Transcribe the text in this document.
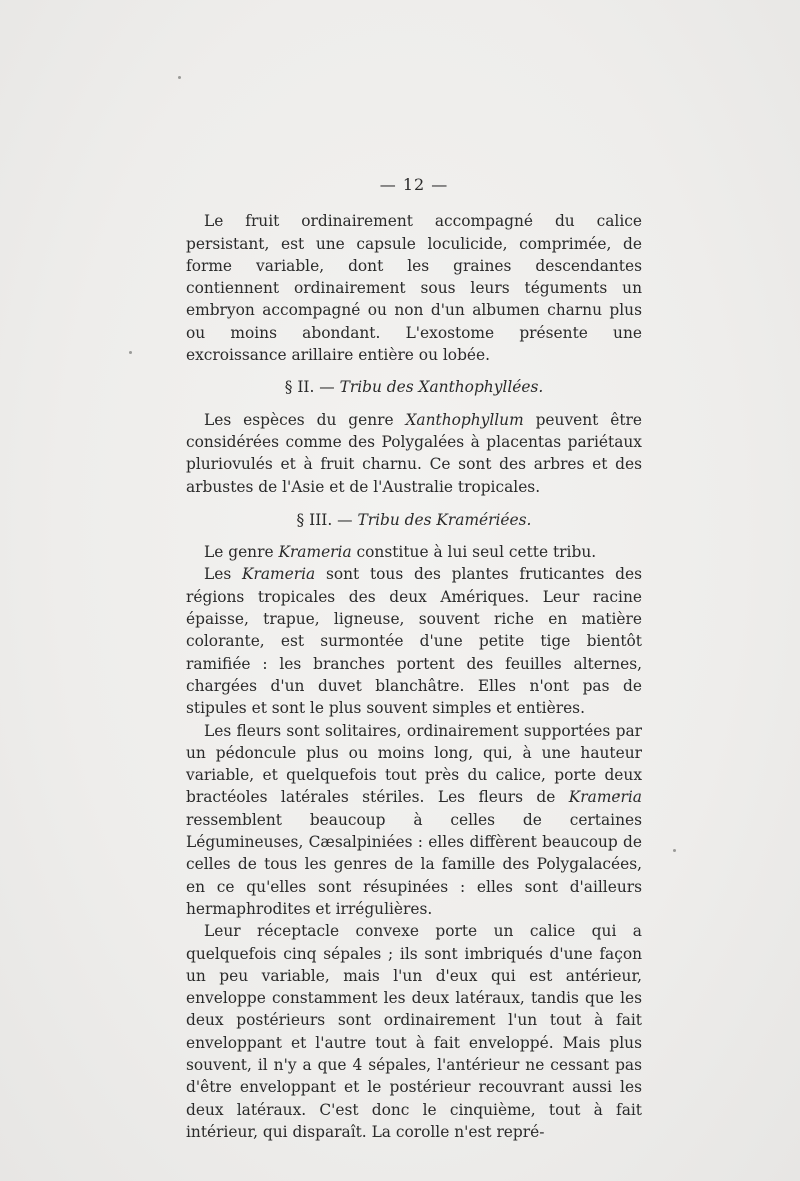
— 12 —

Le fruit ordinairement accompagné du calice persistant, est une capsule loculicide, comprimée, de forme variable, dont les graines descendantes contiennent ordinairement sous leurs téguments un embryon accompagné ou non d'un albumen charnu plus ou moins abondant. L'exostome présente une excroissance arillaire entière ou lobée.

§ II. — Tribu des Xanthophyllées.

Les espèces du genre Xanthophyllum peuvent être considérées comme des Polygalées à placentas pariétaux pluriovulés et à fruit charnu. Ce sont des arbres et des arbustes de l'Asie et de l'Australie tropicales.

§ III. — Tribu des Kramériées.

Le genre Krameria constitue à lui seul cette tribu.

Les Krameria sont tous des plantes fruticantes des régions tropicales des deux Amériques. Leur racine épaisse, trapue, ligneuse, souvent riche en matière colorante, est surmontée d'une petite tige bientôt ramifiée : les branches portent des feuilles alternes, chargées d'un duvet blanchâtre. Elles n'ont pas de stipules et sont le plus souvent simples et entières.

Les fleurs sont solitaires, ordinairement supportées par un pédoncule plus ou moins long, qui, à une hauteur variable, et quelquefois tout près du calice, porte deux bractéoles latérales stériles. Les fleurs de Krameria ressemblent beaucoup à celles de certaines Légumineuses, Cæsalpiniées : elles diffèrent beaucoup de celles de tous les genres de la famille des Polygalacées, en ce qu'elles sont résupinées : elles sont d'ailleurs hermaphrodites et irrégulières.

Leur réceptacle convexe porte un calice qui a quelquefois cinq sépales ; ils sont imbriqués d'une façon un peu variable, mais l'un d'eux qui est antérieur, enveloppe constamment les deux latéraux, tandis que les deux postérieurs sont ordinairement l'un tout à fait enveloppant et l'autre tout à fait enveloppé. Mais plus souvent, il n'y a que 4 sépales, l'antérieur ne cessant pas d'être enveloppant et le postérieur recouvrant aussi les deux latéraux. C'est donc le cinquième, tout à fait intérieur, qui disparaît. La corolle n'est repré-
